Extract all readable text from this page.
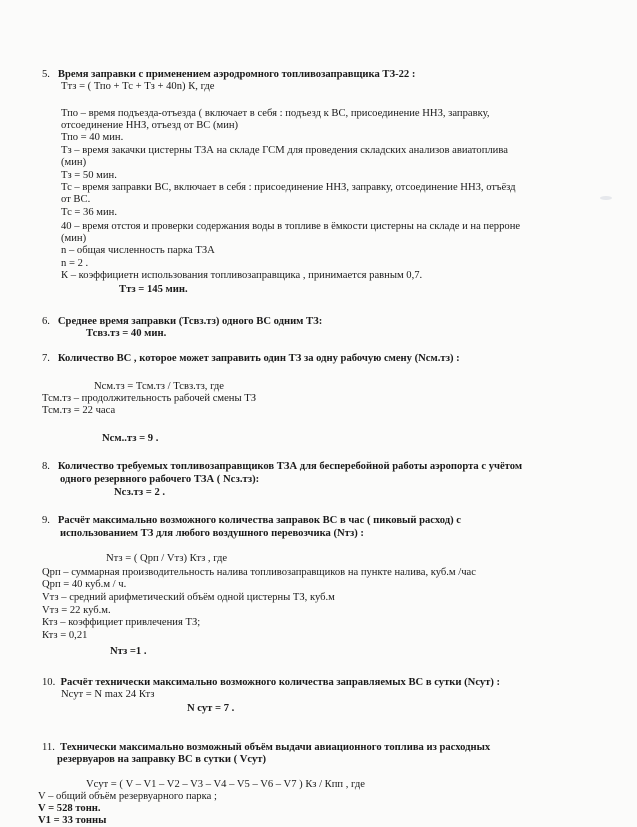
5. Время заправки с применением аэродромного топливозаправщика ТЗ-22 :
Ттз = ( Тпо + Тс + Тз + 40n) К, где
Тпо – время подъезда-отъезда ( включает в себя : подъезд к ВС, присоединение ННЗ, заправку,
отсоединение ННЗ, отъезд от ВС (мин)
Тпо = 40 мин.
Тз – время закачки цистерны ТЗА на складе ГСМ для проведения складских анализов авиатоплива
(мин)
Тз = 50 мин.
Тс – время заправки ВС, включает в себя : присоединение ННЗ, заправку, отсоединение ННЗ, отъёзд
от ВС.
Тс = 36 мин.
40 – время отстоя и проверки содержания воды в топливе в ёмкости цистерны на складе и на перроне
(мин)
n – общая численность парка ТЗА
n = 2 .
К – коэффициетн использования топливозаправщика , принимается равным 0,7.
Ттз = 145 мин.
6. Среднее время заправки (Тсвз.тз) одного ВС одним ТЗ:
Тсвз.тз = 40 мин.
7. Количество ВС , которое может заправить один ТЗ за одну рабочую смену (Nсм.тз) :
Nсм.тз = Тсм.тз / Тсвз.тз, где
Тсм.тз – продолжительность рабочей смены ТЗ
Тсм.тз = 22 часа
Nсм..тз = 9 .
8. Количество требуемых топливозаправщиков ТЗА для бесперебойной работы аэропорта с учётом
одного резервного рабочего ТЗА ( Nсз.тз):
Nсз.тз = 2 .
9. Расчёт максимально возможного количества заправок ВС в час ( пиковый расход) с
использованием ТЗ для любого воздушного перевозчика (Nтз) :
Nтз = ( Qрп / Vтз) Ктз , где
Qрп – суммарная производительность налива топливозаправщиков на пункте налива, куб.м /час
Qрп = 40 куб.м / ч.
Vтз – средний арифметический объём одной цистерны ТЗ, куб.м
Vтз = 22 куб.м.
Ктз – коэффициет привлечения ТЗ;
Ктз = 0,21
Nтз =1 .
10. Расчёт технически максимально возможного количества заправляемых ВС в сутки (Nсут) :
Nсут = N max 24 Ктз
N сут = 7 .
11. Технически максимально возможный объём выдачи авиационного топлива из расходных
резервуаров на заправку ВС в сутки ( Vсут)
Vсут = ( V – V1 – V2 – V3 – V4 – V5 – V6 – V7 ) Кз / Кпп , где
V – общий объём резервуарного парка ;
V = 528 тонн.
V1 = 33 тонны
